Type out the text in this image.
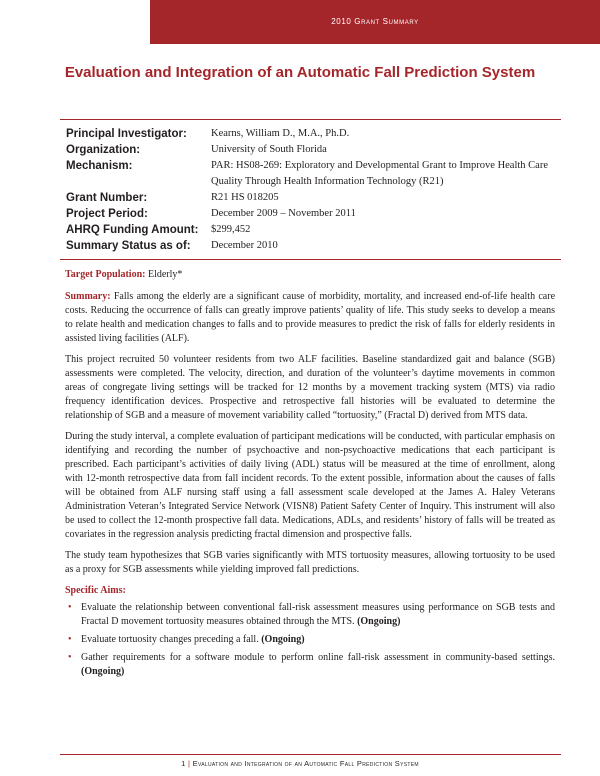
2010 Grant Summary
Evaluation and Integration of an Automatic Fall Prediction System
Principal Investigator:	Kearns, William D., M.A., Ph.D.
Organization:	University of South Florida
Mechanism:	PAR: HS08-269: Exploratory and Developmental Grant to Improve Health Care Quality Through Health Information Technology (R21)
Grant Number:	R21 HS 018205
Project Period:	December 2009 – November 2011
AHRQ Funding Amount:	$299,452
Summary Status as of:	December 2010

Target Population: Elderly*

Summary: Falls among the elderly are a significant cause of morbidity, mortality, and increased end-of-life health care costs. Reducing the occurrence of falls can greatly improve patients’ quality of life. This study seeks to develop a means to relate health and medication changes to falls and to provide measures to predict the risk of falls for elderly residents in assisted living facilities (ALF).

This project recruited 50 volunteer residents from two ALF facilities. Baseline standardized gait and balance (SGB) assessments were completed. The velocity, direction, and duration of the volunteer’s daytime movements in common areas of congregate living settings will be tracked for 12 months by a movement tracking system (MTS) via radio frequency identification devices. Prospective and retrospective fall histories will be evaluated to determine the relationship of SGB and a measure of movement variability called “tortuosity,” (Fractal D) derived from MTS data.

During the study interval, a complete evaluation of participant medications will be conducted, with particular emphasis on identifying and recording the number of psychoactive and non-psychoactive medications that each participant is prescribed. Each participant’s activities of daily living (ADL) status will be measured at the time of enrollment, along with 12-month retrospective data from fall incident records. To the extent possible, information about the causes of falls will be obtained from ALF nursing staff using a fall assessment scale developed at the James A. Haley Veterans Administration Veteran’s Integrated Service Network (VISN8) Patient Safety Center of Inquiry. This instrument will also be used to collect the 12-month prospective fall data. Medications, ADLs, and residents’ history of falls will be treated as covariates in the regression analysis predicting fractal dimension and prospective falls.

The study team hypothesizes that SGB varies significantly with MTS tortuosity measures, allowing tortuosity to be used as a proxy for SGB assessments while yielding improved fall predictions.

Specific Aims:
• Evaluate the relationship between conventional fall-risk assessment measures using performance on SGB tests and Fractal D movement tortuosity measures obtained through the MTS. (Ongoing)
• Evaluate tortuosity changes preceding a fall. (Ongoing)
• Gather requirements for a software module to perform online fall-risk assessment in community-based settings. (Ongoing)
1 | Evaluation and Integration of an Automatic Fall Prediction System
